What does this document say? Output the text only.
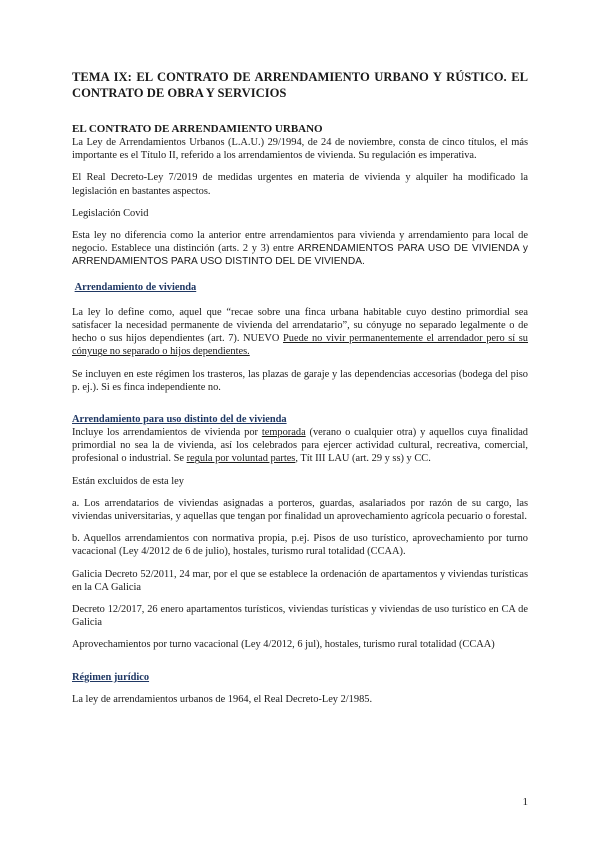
TEMA IX: EL CONTRATO DE ARRENDAMIENTO URBANO Y RÚSTICO. EL CONTRATO DE OBRA Y SERVICIOS
EL CONTRATO DE ARRENDAMIENTO URBANO

La Ley de Arrendamientos Urbanos (L.A.U.) 29/1994, de 24 de noviembre, consta de cinco títulos, el más importante es el Título II, referido a los arrendamientos de vivienda. Su regulación es imperativa.

El Real Decreto-Ley 7/2019 de medidas urgentes en materia de vivienda y alquiler ha modificado la legislación en bastantes aspectos.

Legislación Covid

Esta ley no diferencia como la anterior entre arrendamientos para vivienda y arrendamiento para local de negocio. Establece una distinción (arts. 2 y 3) entre ARRENDAMIENTOS PARA USO DE VIVIENDA y ARRENDAMIENTOS PARA USO DISTINTO DEL DE VIVIENDA.

Arrendamiento de vivienda

La ley lo define como, aquel que “recae sobre una finca urbana habitable cuyo destino primordial sea satisfacer la necesidad permanente de vivienda del arrendatario”, su cónyuge no separado legalmente o de hecho o sus hijos dependientes (art. 7). NUEVO Puede no vivir permanentemente el arrendador pero sí su cónyuge no separado o hijos dependientes.

Se incluyen en este régimen los trasteros, las plazas de garaje y las dependencias accesorias (bodega del piso p. ej.). Si es finca independiente no.

Arrendamiento para uso distinto del de vivienda

Incluye los arrendamientos de vivienda por temporada (verano o cualquier otra) y aquellos cuya finalidad primordial no sea la de vivienda, así los celebrados para ejercer actividad cultural, recreativa, comercial, profesional o industrial. Se regula por voluntad partes, Tít III LAU (art. 29 y ss) y CC.

Están excluidos de esta ley

a. Los arrendatarios de viviendas asignadas a porteros, guardas, asalariados por razón de su cargo, las viviendas universitarias, y aquellas que tengan por finalidad un aprovechamiento agrícola pecuario o forestal.

b. Aquellos arrendamientos con normativa propia, p.ej. Pisos de uso turístico, aprovechamiento por turno vacacional (Ley 4/2012 de 6 de julio), hostales, turismo rural totalidad (CCAA).

Galicia Decreto 52/2011, 24 mar, por el que se establece la ordenación de apartamentos y viviendas turísticas en la CA Galicia

Decreto 12/2017, 26 enero apartamentos turísticos, viviendas turísticas y viviendas de uso turístico en CA de Galicia

Aprovechamientos por turno vacacional (Ley 4/2012, 6 jul), hostales, turismo rural totalidad (CCAA)

Régimen jurídico

La ley de arrendamientos urbanos de 1964, el Real Decreto-Ley 2/1985.

1
